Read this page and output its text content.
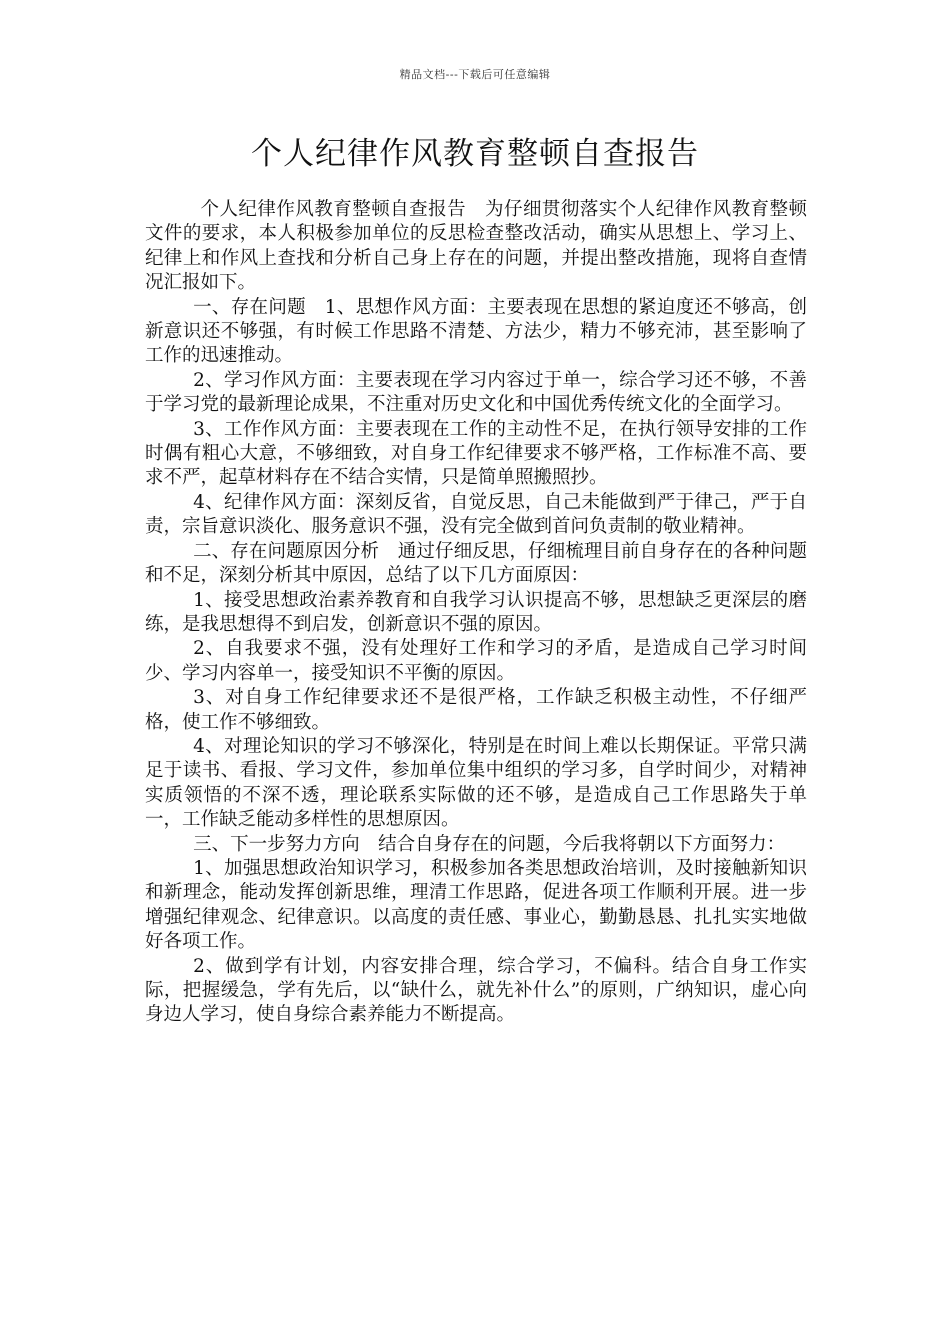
精品文档---下载后可任意编辑
个人纪律作风教育整顿自查报告

个人纪律作风教育整顿自查报告　为仔细贯彻落实个人纪律作风教育整顿文件的要求，本人积极参加单位的反思检查整改活动，确实从思想上、学习上、纪律上和作风上查找和分析自己身上存在的问题，并提出整改措施，现将自查情况汇报如下。

一、存在问题　1、思想作风方面：主要表现在思想的紧迫度还不够高，创新意识还不够强，有时候工作思路不清楚、方法少，精力不够充沛，甚至影响了工作的迅速推动。

2、学习作风方面：主要表现在学习内容过于单一，综合学习还不够，不善于学习党的最新理论成果，不注重对历史文化和中国优秀传统文化的全面学习。

3、工作作风方面：主要表现在工作的主动性不足，在执行领导安排的工作时偶有粗心大意，不够细致，对自身工作纪律要求不够严格，工作标准不高、要求不严，起草材料存在不结合实情，只是简单照搬照抄。

4、纪律作风方面：深刻反省，自觉反思，自己未能做到严于律己，严于自责，宗旨意识淡化、服务意识不强，没有完全做到首问负责制的敬业精神。

二、存在问题原因分析　通过仔细反思，仔细梳理目前自身存在的各种问题和不足，深刻分析其中原因，总结了以下几方面原因：

1、接受思想政治素养教育和自我学习认识提高不够，思想缺乏更深层的磨练，是我思想得不到启发，创新意识不强的原因。

2、自我要求不强，没有处理好工作和学习的矛盾，是造成自己学习时间少、学习内容单一，接受知识不平衡的原因。

3、对自身工作纪律要求还不是很严格，工作缺乏积极主动性，不仔细严格，使工作不够细致。

4、对理论知识的学习不够深化，特别是在时间上难以长期保证。平常只满足于读书、看报、学习文件，参加单位集中组织的学习多，自学时间少，对精神实质领悟的不深不透，理论联系实际做的还不够，是造成自己工作思路失于单一，工作缺乏能动多样性的思想原因。

三、下一步努力方向　结合自身存在的问题，今后我将朝以下方面努力：

1、加强思想政治知识学习，积极参加各类思想政治培训，及时接触新知识和新理念，能动发挥创新思维，理清工作思路，促进各项工作顺利开展。进一步增强纪律观念、纪律意识。以高度的责任感、事业心，勤勤恳恳、扎扎实实地做好各项工作。

2、做到学有计划，内容安排合理，综合学习，不偏科。结合自身工作实际，把握缓急，学有先后，以“缺什么，就先补什么”的原则，广纳知识，虚心向身边人学习，使自身综合素养能力不断提高。
